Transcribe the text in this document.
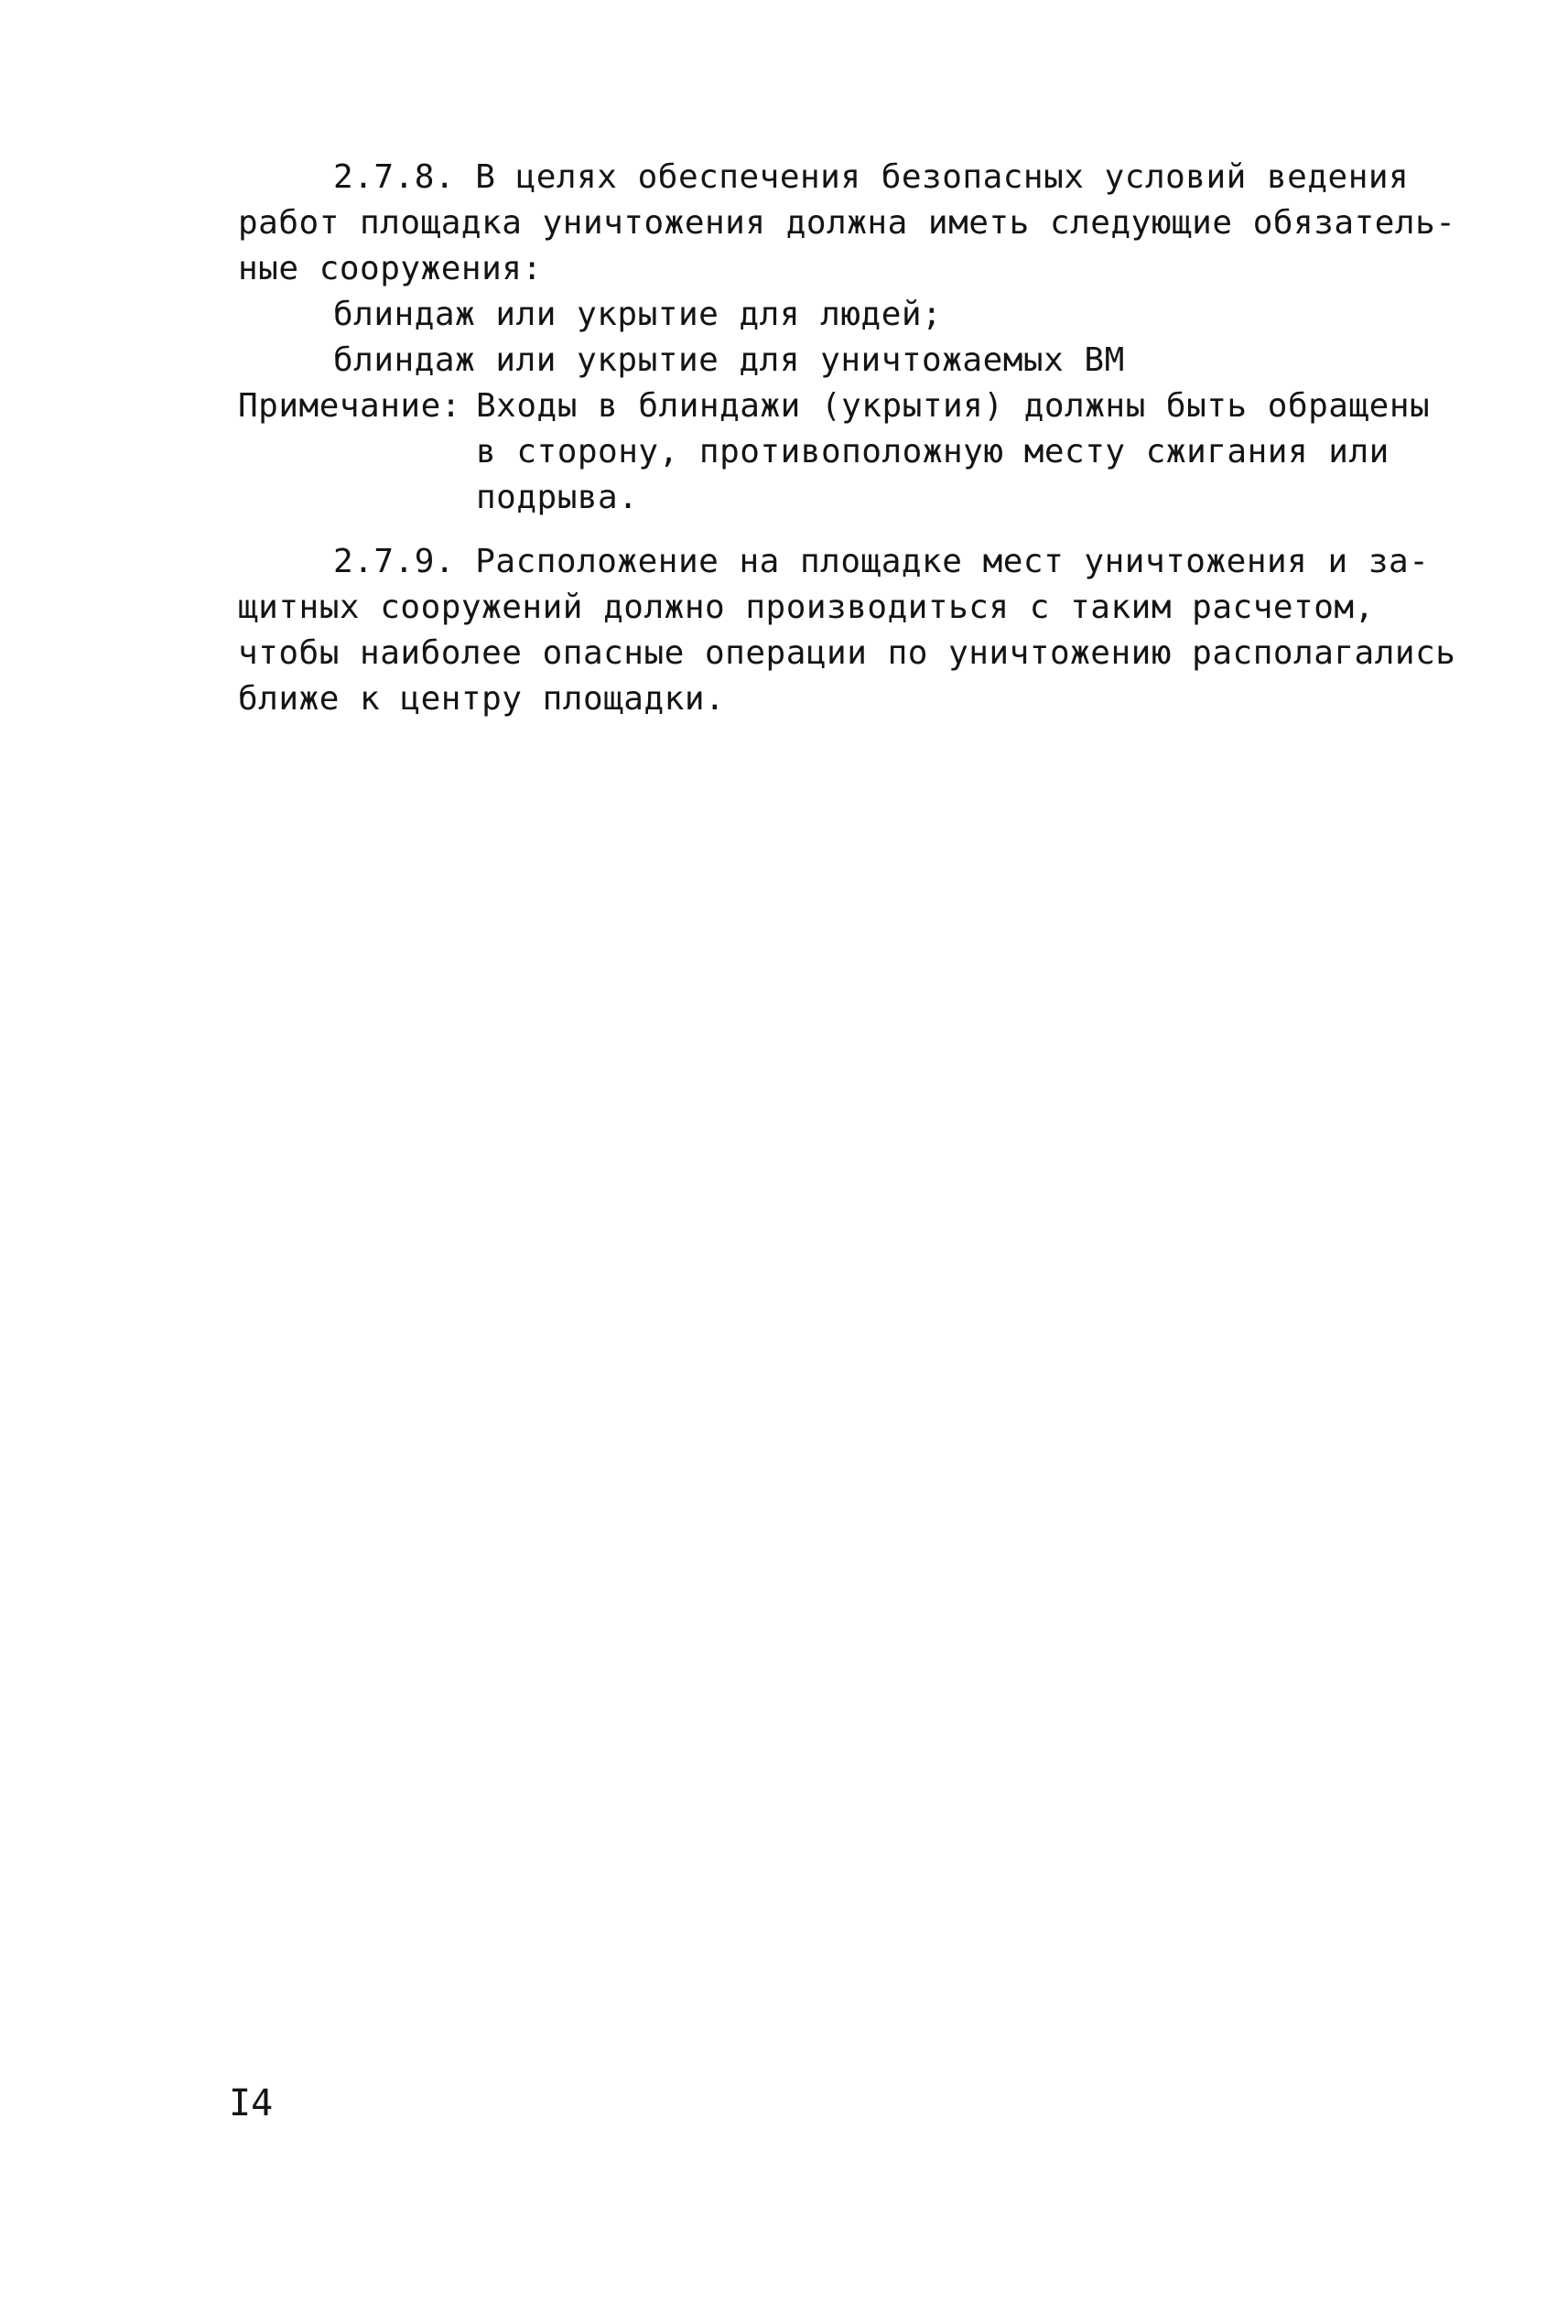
2.7.8. В целях обеспечения безопасных условий ведения
работ площадка уничтожения должна иметь следующие обязатель-
ные сооружения:
блиндаж или укрытие для людей;
блиндаж или укрытие для уничтожаемых ВМ
Примечание: Входы в блиндажи (укрытия) должны быть обращены
в сторону, противоположную месту сжигания или
подрыва.
2.7.9. Расположение на площадке мест уничтожения и за-
щитных сооружений должно производиться с таким расчетом,
чтобы наиболее опасные операции по уничтожению располагались
ближе к центру площадки.
I4
